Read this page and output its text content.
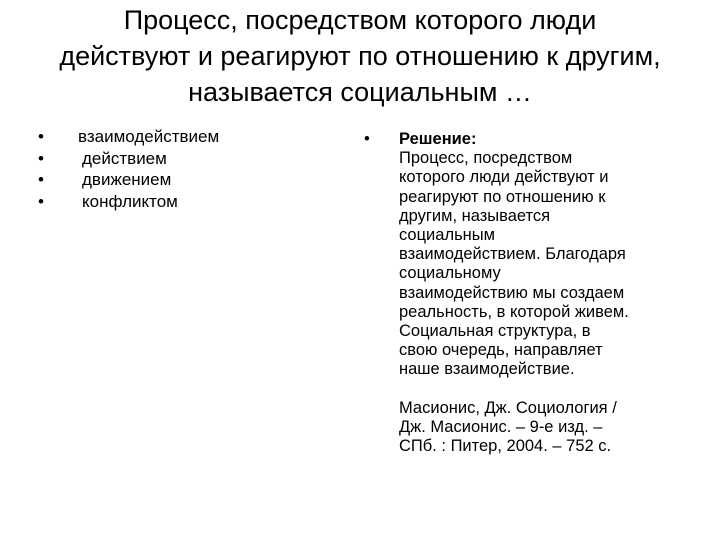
Процесс, посредством которого люди
действуют и реагируют по отношению к другим,
называется социальным …
• взаимодействием
• действием
• движением
• конфликтом
• Решение:
Процесс, посредством
которого люди действуют и
реагируют по отношению к
другим, называется
социальным
взаимодействием. Благодаря
социальному
взаимодействию мы создаем
реальность, в которой живем.
Социальная структура, в
свою очередь, направляет
наше взаимодействие.
Масионис, Дж. Социология /
Дж. Масионис. – 9-е изд. –
СПб. : Питер, 2004. – 752 с.
